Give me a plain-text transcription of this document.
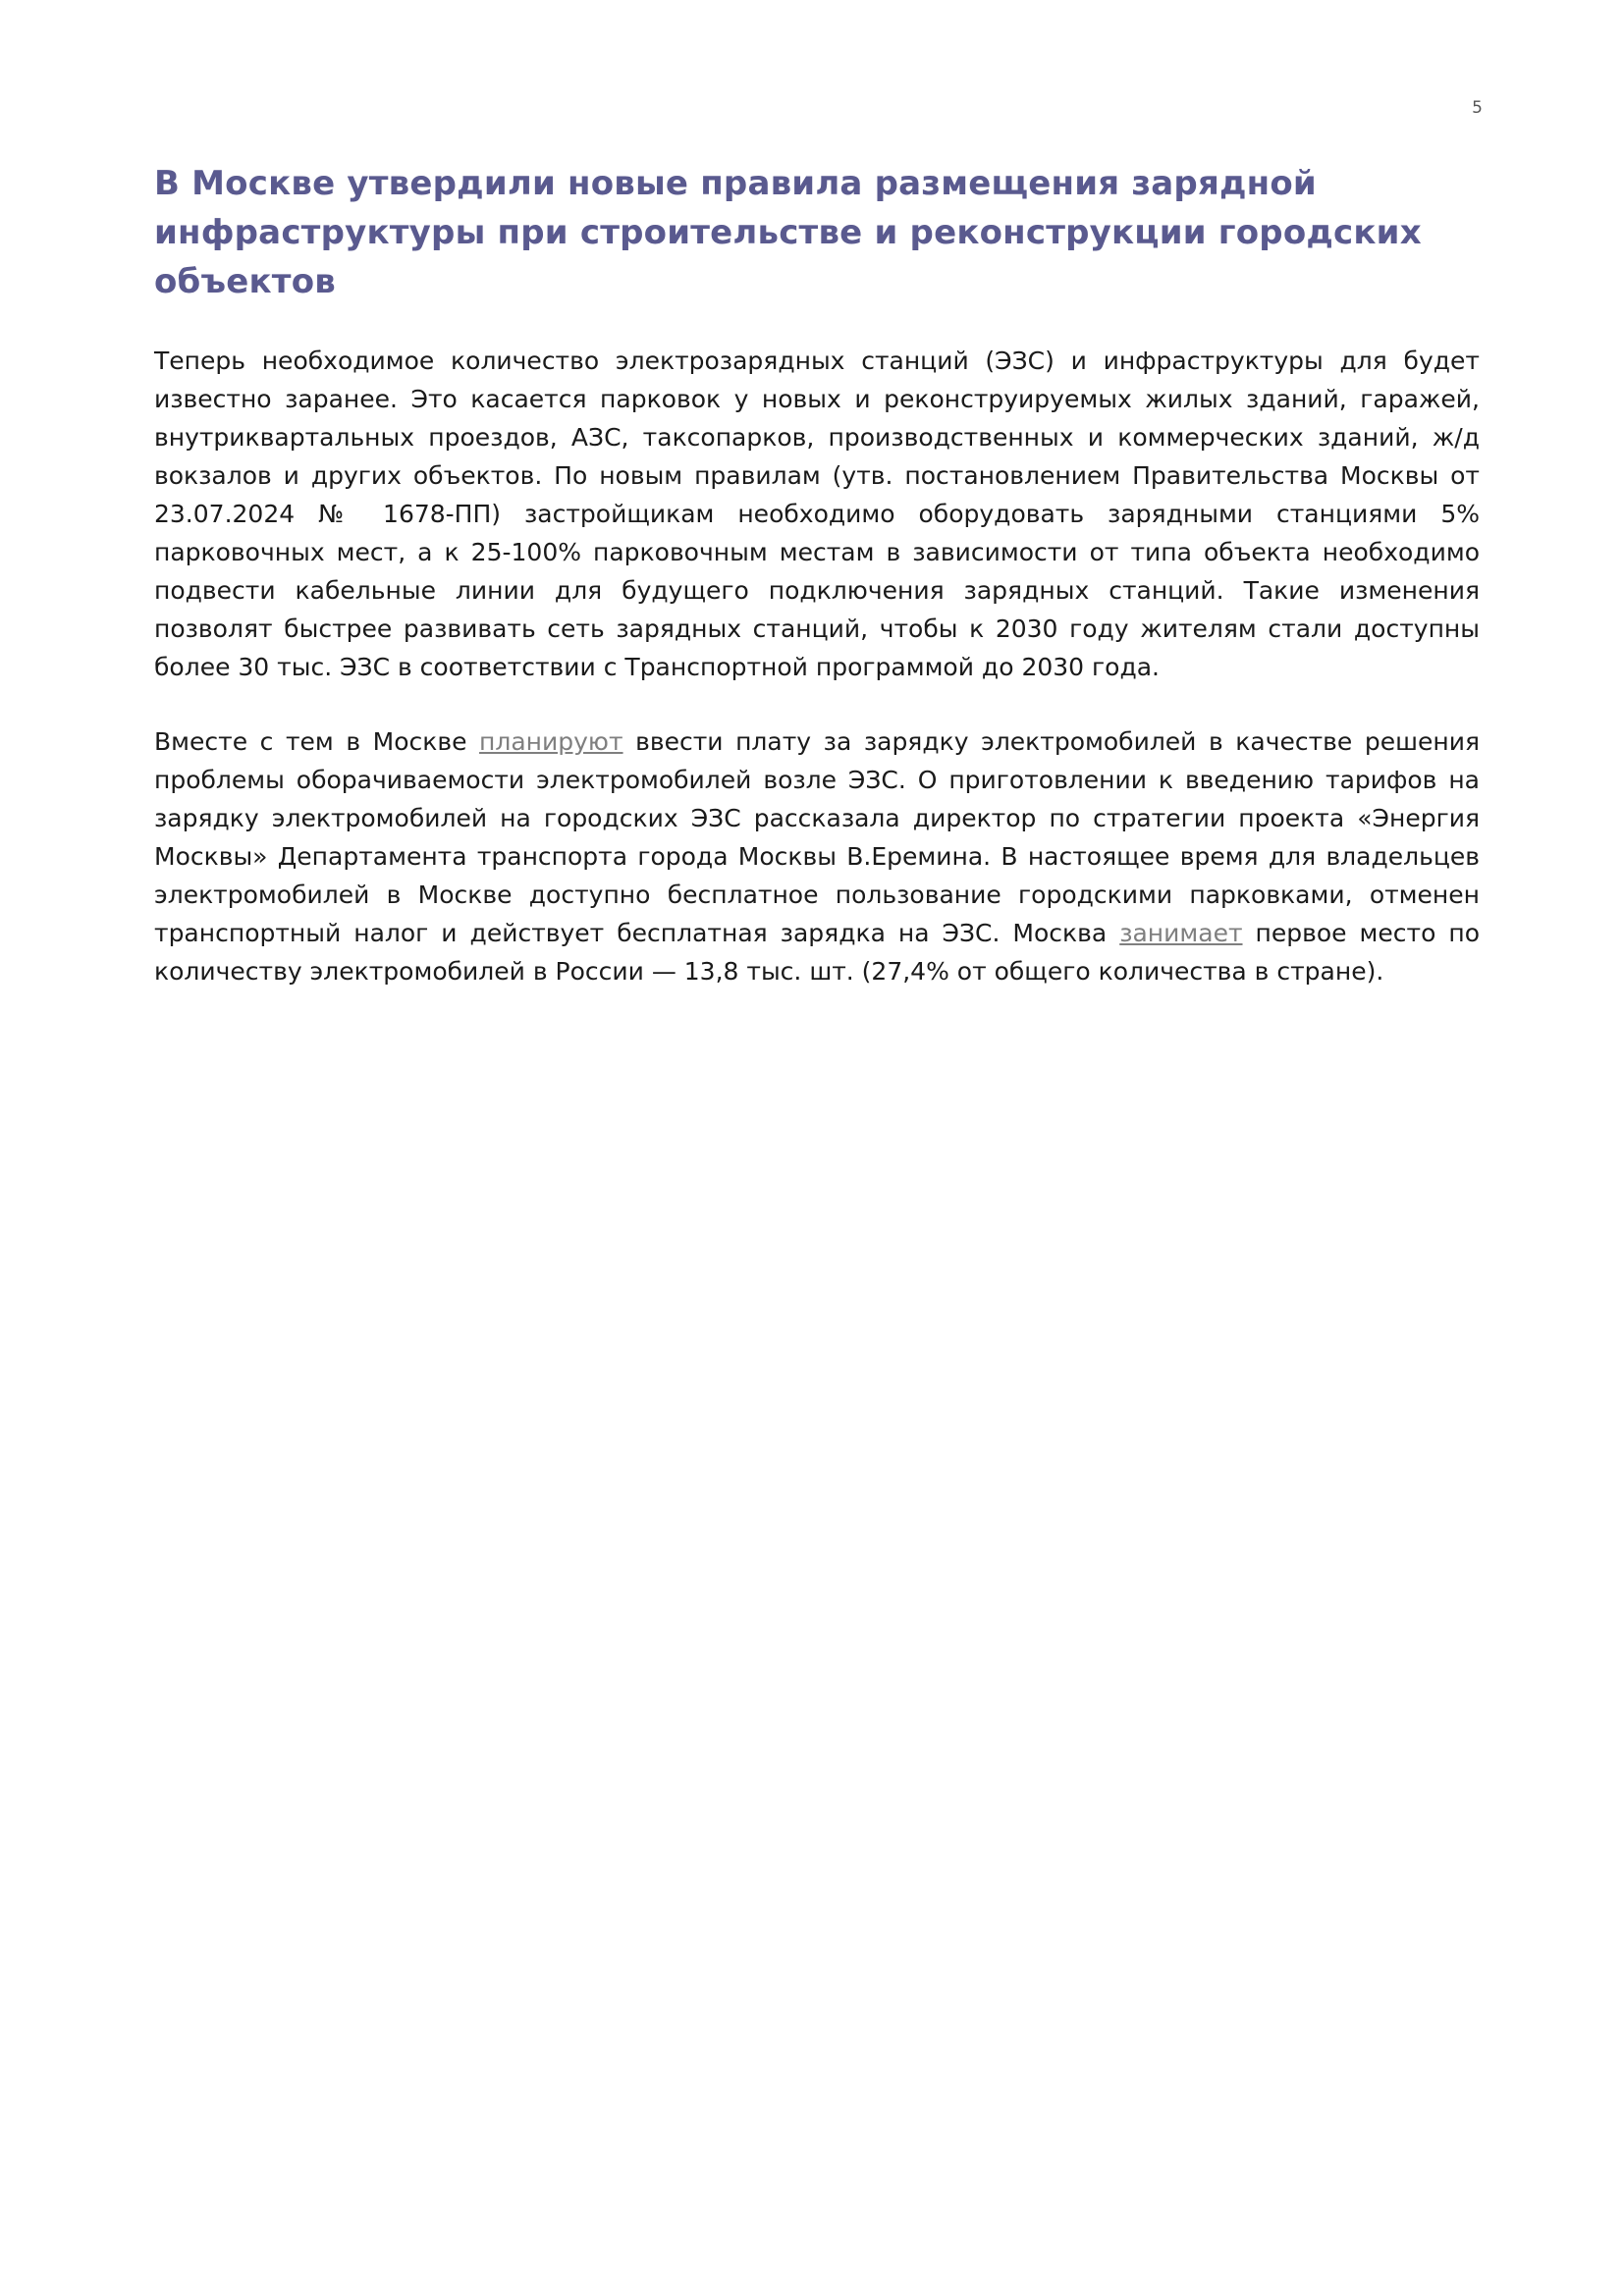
5
В Москве утвердили новые правила размещения зарядной инфраструктуры при строительстве и реконструкции городских объектов

Теперь необходимое количество электрозарядных станций (ЭЗС) и инфраструктуры для будет известно заранее. Это касается парковок у новых и реконструируемых жилых зданий, гаражей, внутриквартальных проездов, АЗС, таксопарков, производственных и коммерческих зданий, ж/д вокзалов и других объектов. По новым правилам (утв. постановлением Правительства Москвы от 23.07.2024 № 1678-ПП) застройщикам необходимо оборудовать зарядными станциями 5% парковочных мест, а к 25-100% парковочным местам в зависимости от типа объекта необходимо подвести кабельные линии для будущего подключения зарядных станций. Такие изменения позволят быстрее развивать сеть зарядных станций, чтобы к 2030 году жителям стали доступны более 30 тыс. ЭЗС в соответствии с Транспортной программой до 2030 года.

Вместе с тем в Москве планируют ввести плату за зарядку электромобилей в качестве решения проблемы оборачиваемости электромобилей возле ЭЗС. О приготовлении к введению тарифов на зарядку электромобилей на городских ЭЗС рассказала директор по стратегии проекта «Энергия Москвы» Департамента транспорта города Москвы В.Еремина. В настоящее время для владельцев электромобилей в Москве доступно бесплатное пользование городскими парковками, отменен транспортный налог и действует бесплатная зарядка на ЭЗС. Москва занимает первое место по количеству электромобилей в России — 13,8 тыс. шт. (27,4% от общего количества в стране).
